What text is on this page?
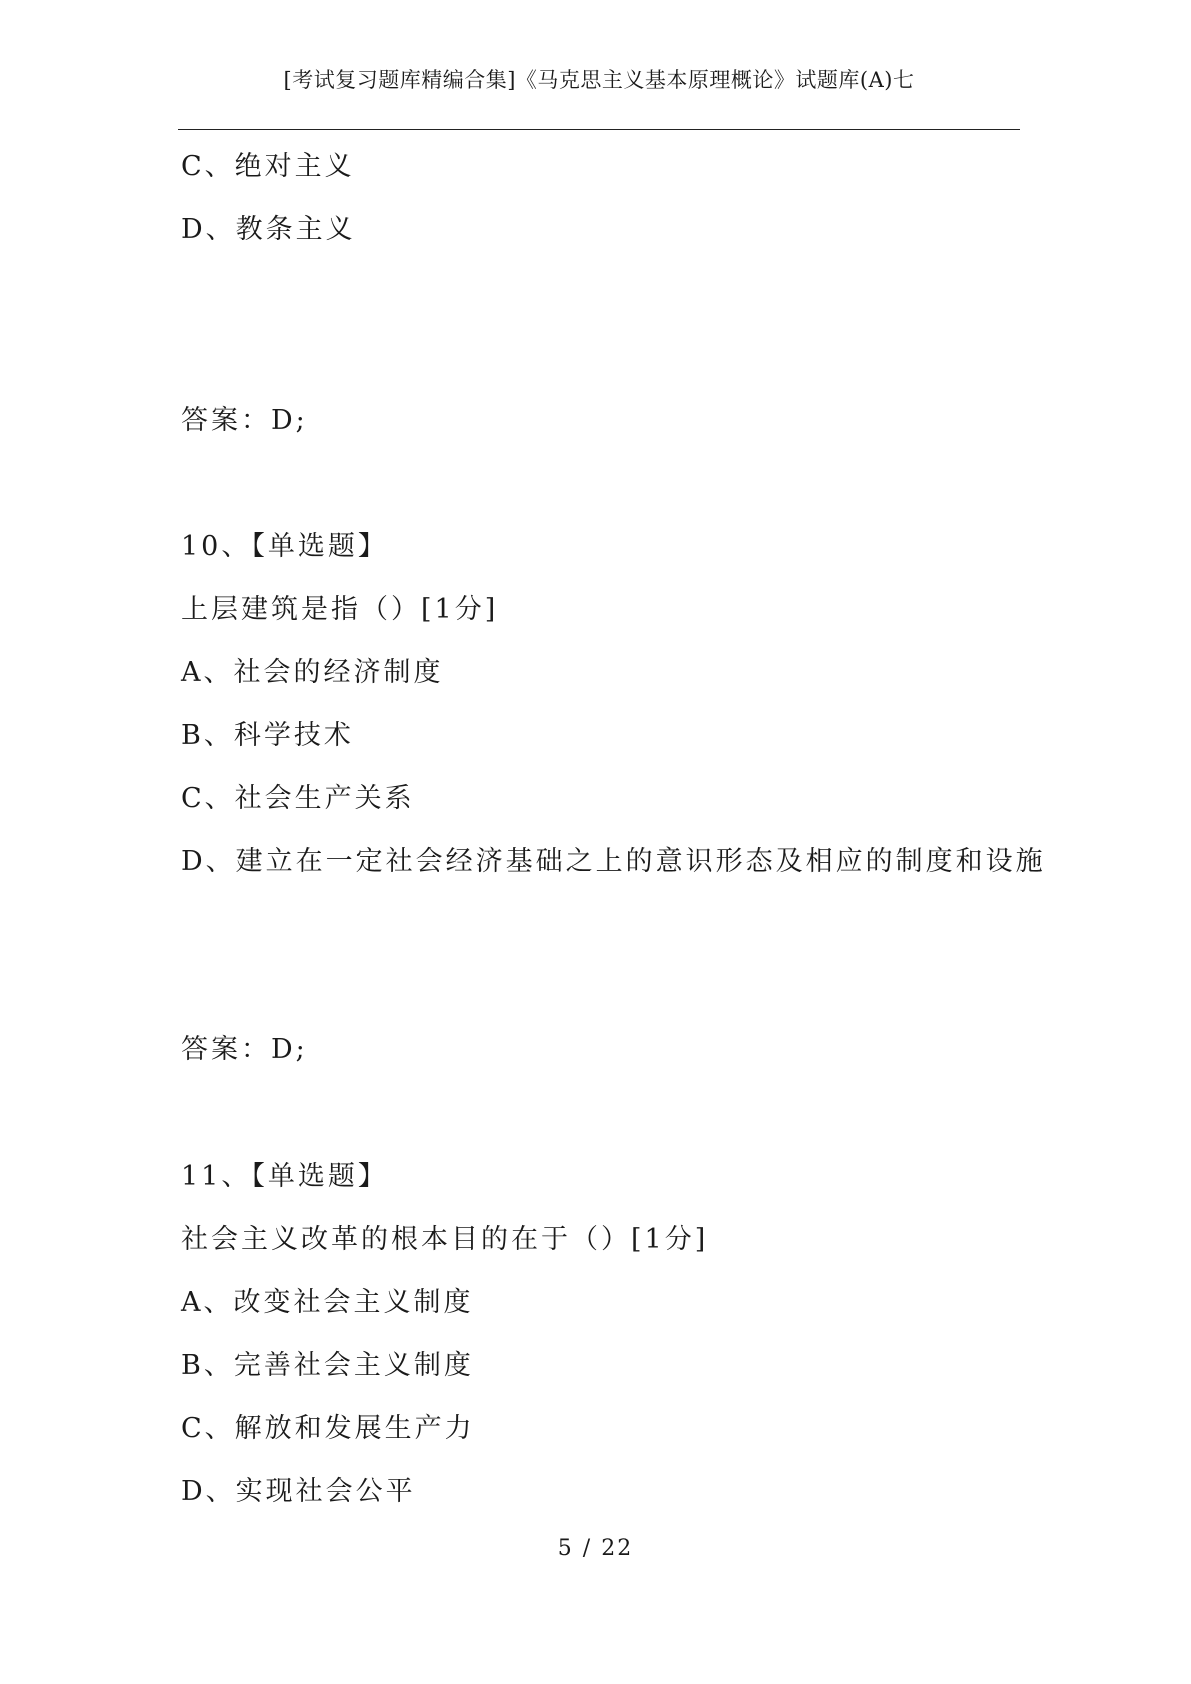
[考试复习题库精编合集]《马克思主义基本原理概论》试题库(A)七
C、绝对主义
D、教条主义
答案：D;
10、【单选题】
上层建筑是指（）[1分]
A、社会的经济制度
B、科学技术
C、社会生产关系
D、建立在一定社会经济基础之上的意识形态及相应的制度和设施
答案：D;
11、【单选题】
社会主义改革的根本目的在于（）[1分]
A、改变社会主义制度
B、完善社会主义制度
C、解放和发展生产力
D、实现社会公平
5 / 22
